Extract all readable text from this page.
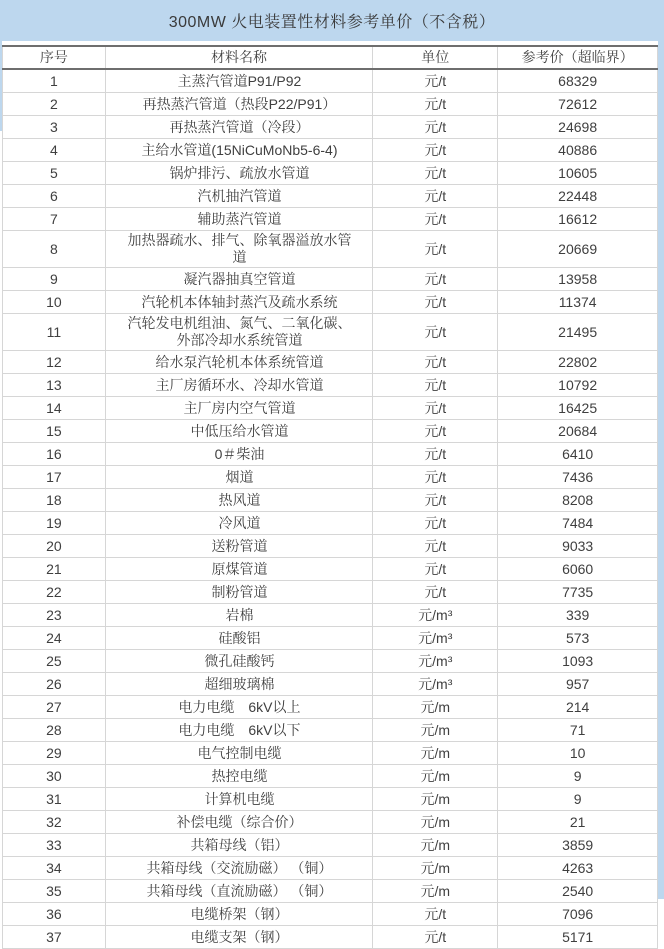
300MW 火电装置性材料参考单价（不含税）
序号	材料名称	单位	参考价（超临界）
1	主蒸汽管道P91/P92	元/t	68329
2	再热蒸汽管道（热段P22/P91）	元/t	72612
3	再热蒸汽管道（冷段）	元/t	24698
4	主给水管道(15NiCuMoNb5-6-4)	元/t	40886
5	锅炉排污、疏放水管道	元/t	10605
6	汽机抽汽管道	元/t	22448
7	辅助蒸汽管道	元/t	16612
8	加热器疏水、排气、除氧器溢放水管道	元/t	20669
9	凝汽器抽真空管道	元/t	13958
10	汽轮机本体轴封蒸汽及疏水系统	元/t	11374
11	汽轮发电机组油、氮气、二氧化碳、外部冷却水系统管道	元/t	21495
12	给水泵汽轮机本体系统管道	元/t	22802
13	主厂房循环水、冷却水管道	元/t	10792
14	主厂房内空气管道	元/t	16425
15	中低压给水管道	元/t	20684
16	0＃柴油	元/t	6410
17	烟道	元/t	7436
18	热风道	元/t	8208
19	冷风道	元/t	7484
20	送粉管道	元/t	9033
21	原煤管道	元/t	6060
22	制粉管道	元/t	7735
23	岩棉	元/m³	339
24	硅酸铝	元/m³	573
25	微孔硅酸钙	元/m³	1093
26	超细玻璃棉	元/m³	957
27	电力电缆　6kV以上	元/m	214
28	电力电缆　6kV以下	元/m	71
29	电气控制电缆	元/m	10
30	热控电缆	元/m	9
31	计算机电缆	元/m	9
32	补偿电缆（综合价）	元/m	21
33	共箱母线（铝）	元/m	3859
34	共箱母线（交流励磁） （铜）	元/m	4263
35	共箱母线（直流励磁） （铜）	元/m	2540
36	电缆桥架（钢）	元/t	7096
37	电缆支架（钢）	元/t	5171
